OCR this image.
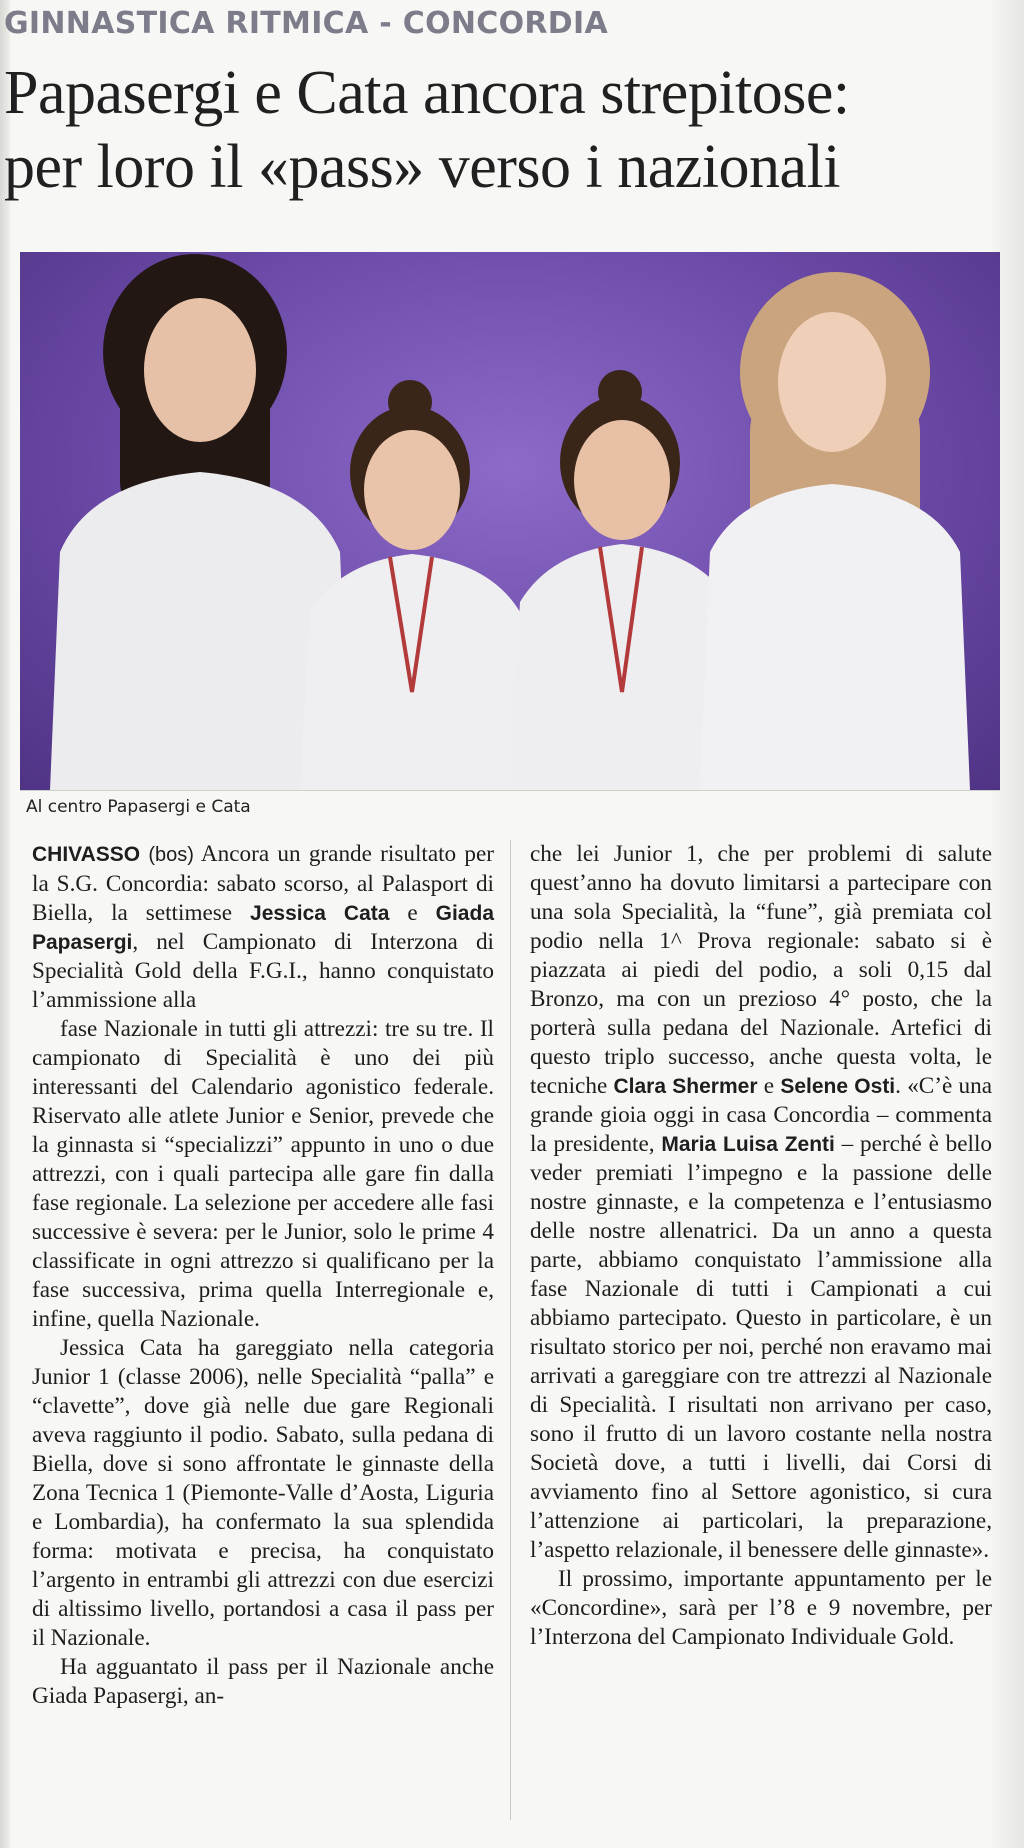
GINNASTICA RITMICA - CONCORDIA
Papasergi e Cata ancora strepitose:
per loro il «pass» verso i nazionali
Al centro Papasergi e Cata

CHIVASSO (bos) Ancora un grande risultato per la S.G. Concordia: sabato scorso, al Palasport di Biella, la settimese Jessica Cata e Giada Papasergi, nel Campionato di Interzona di Specialità Gold della F.G.I., hanno conquistato l’ammissione alla

fase Nazionale in tutti gli attrezzi: tre su tre. Il campionato di Specialità è uno dei più interessanti del Calendario agonistico federale. Riservato alle atlete Junior e Senior, prevede che la ginnasta si “specializzi” appunto in uno o due attrezzi, con i quali partecipa alle gare fin dalla fase regionale. La selezione per accedere alle fasi successive è severa: per le Junior, solo le prime 4 classificate in ogni attrezzo si qualificano per la fase successiva, prima quella Interregionale e, infine, quella Nazionale.

Jessica Cata ha gareggiato nella categoria Junior 1 (classe 2006), nelle Specialità “palla” e “clavette”, dove già nelle due gare Regionali aveva raggiunto il podio. Sabato, sulla pedana di Biella, dove si sono affrontate le ginnaste della Zona Tecnica 1 (Piemonte-Valle d’Aosta, Liguria e Lombardia), ha confermato la sua splendida forma: motivata e precisa, ha conquistato l’argento in entrambi gli attrezzi con due esercizi di altissimo livello, portandosi a casa il pass per il Nazionale.

Ha agguantato il pass per il Nazionale anche Giada Papasergi, an-

che lei Junior 1, che per problemi di salute quest’anno ha dovuto limitarsi a partecipare con una sola Specialità, la “fune”, già premiata col podio nella 1^ Prova regionale: sabato si è piazzata ai piedi del podio, a soli 0,15 dal Bronzo, ma con un prezioso 4° posto, che la porterà sulla pedana del Nazionale. Artefici di questo triplo successo, anche questa volta, le tecniche Clara Shermer e Selene Osti. «C’è una grande gioia oggi in casa Concordia – commenta la presidente, Maria Luisa Zenti – perché è bello veder premiati l’impegno e la passione delle nostre ginnaste, e la competenza e l’entusiasmo delle nostre allenatrici. Da un anno a questa parte, abbiamo conquistato l’ammissione alla fase Nazionale di tutti i Campionati a cui abbiamo partecipato. Questo in particolare, è un risultato storico per noi, perché non eravamo mai arrivati a gareggiare con tre attrezzi al Nazionale di Specialità. I risultati non arrivano per caso, sono il frutto di un lavoro costante nella nostra Società dove, a tutti i livelli, dai Corsi di avviamento fino al Settore agonistico, si cura l’attenzione ai particolari, la preparazione, l’aspetto relazionale, il benessere delle ginnaste».

Il prossimo, importante appuntamento per le «Concordine», sarà per l’8 e 9 novembre, per l’Interzona del Campionato Individuale Gold.
